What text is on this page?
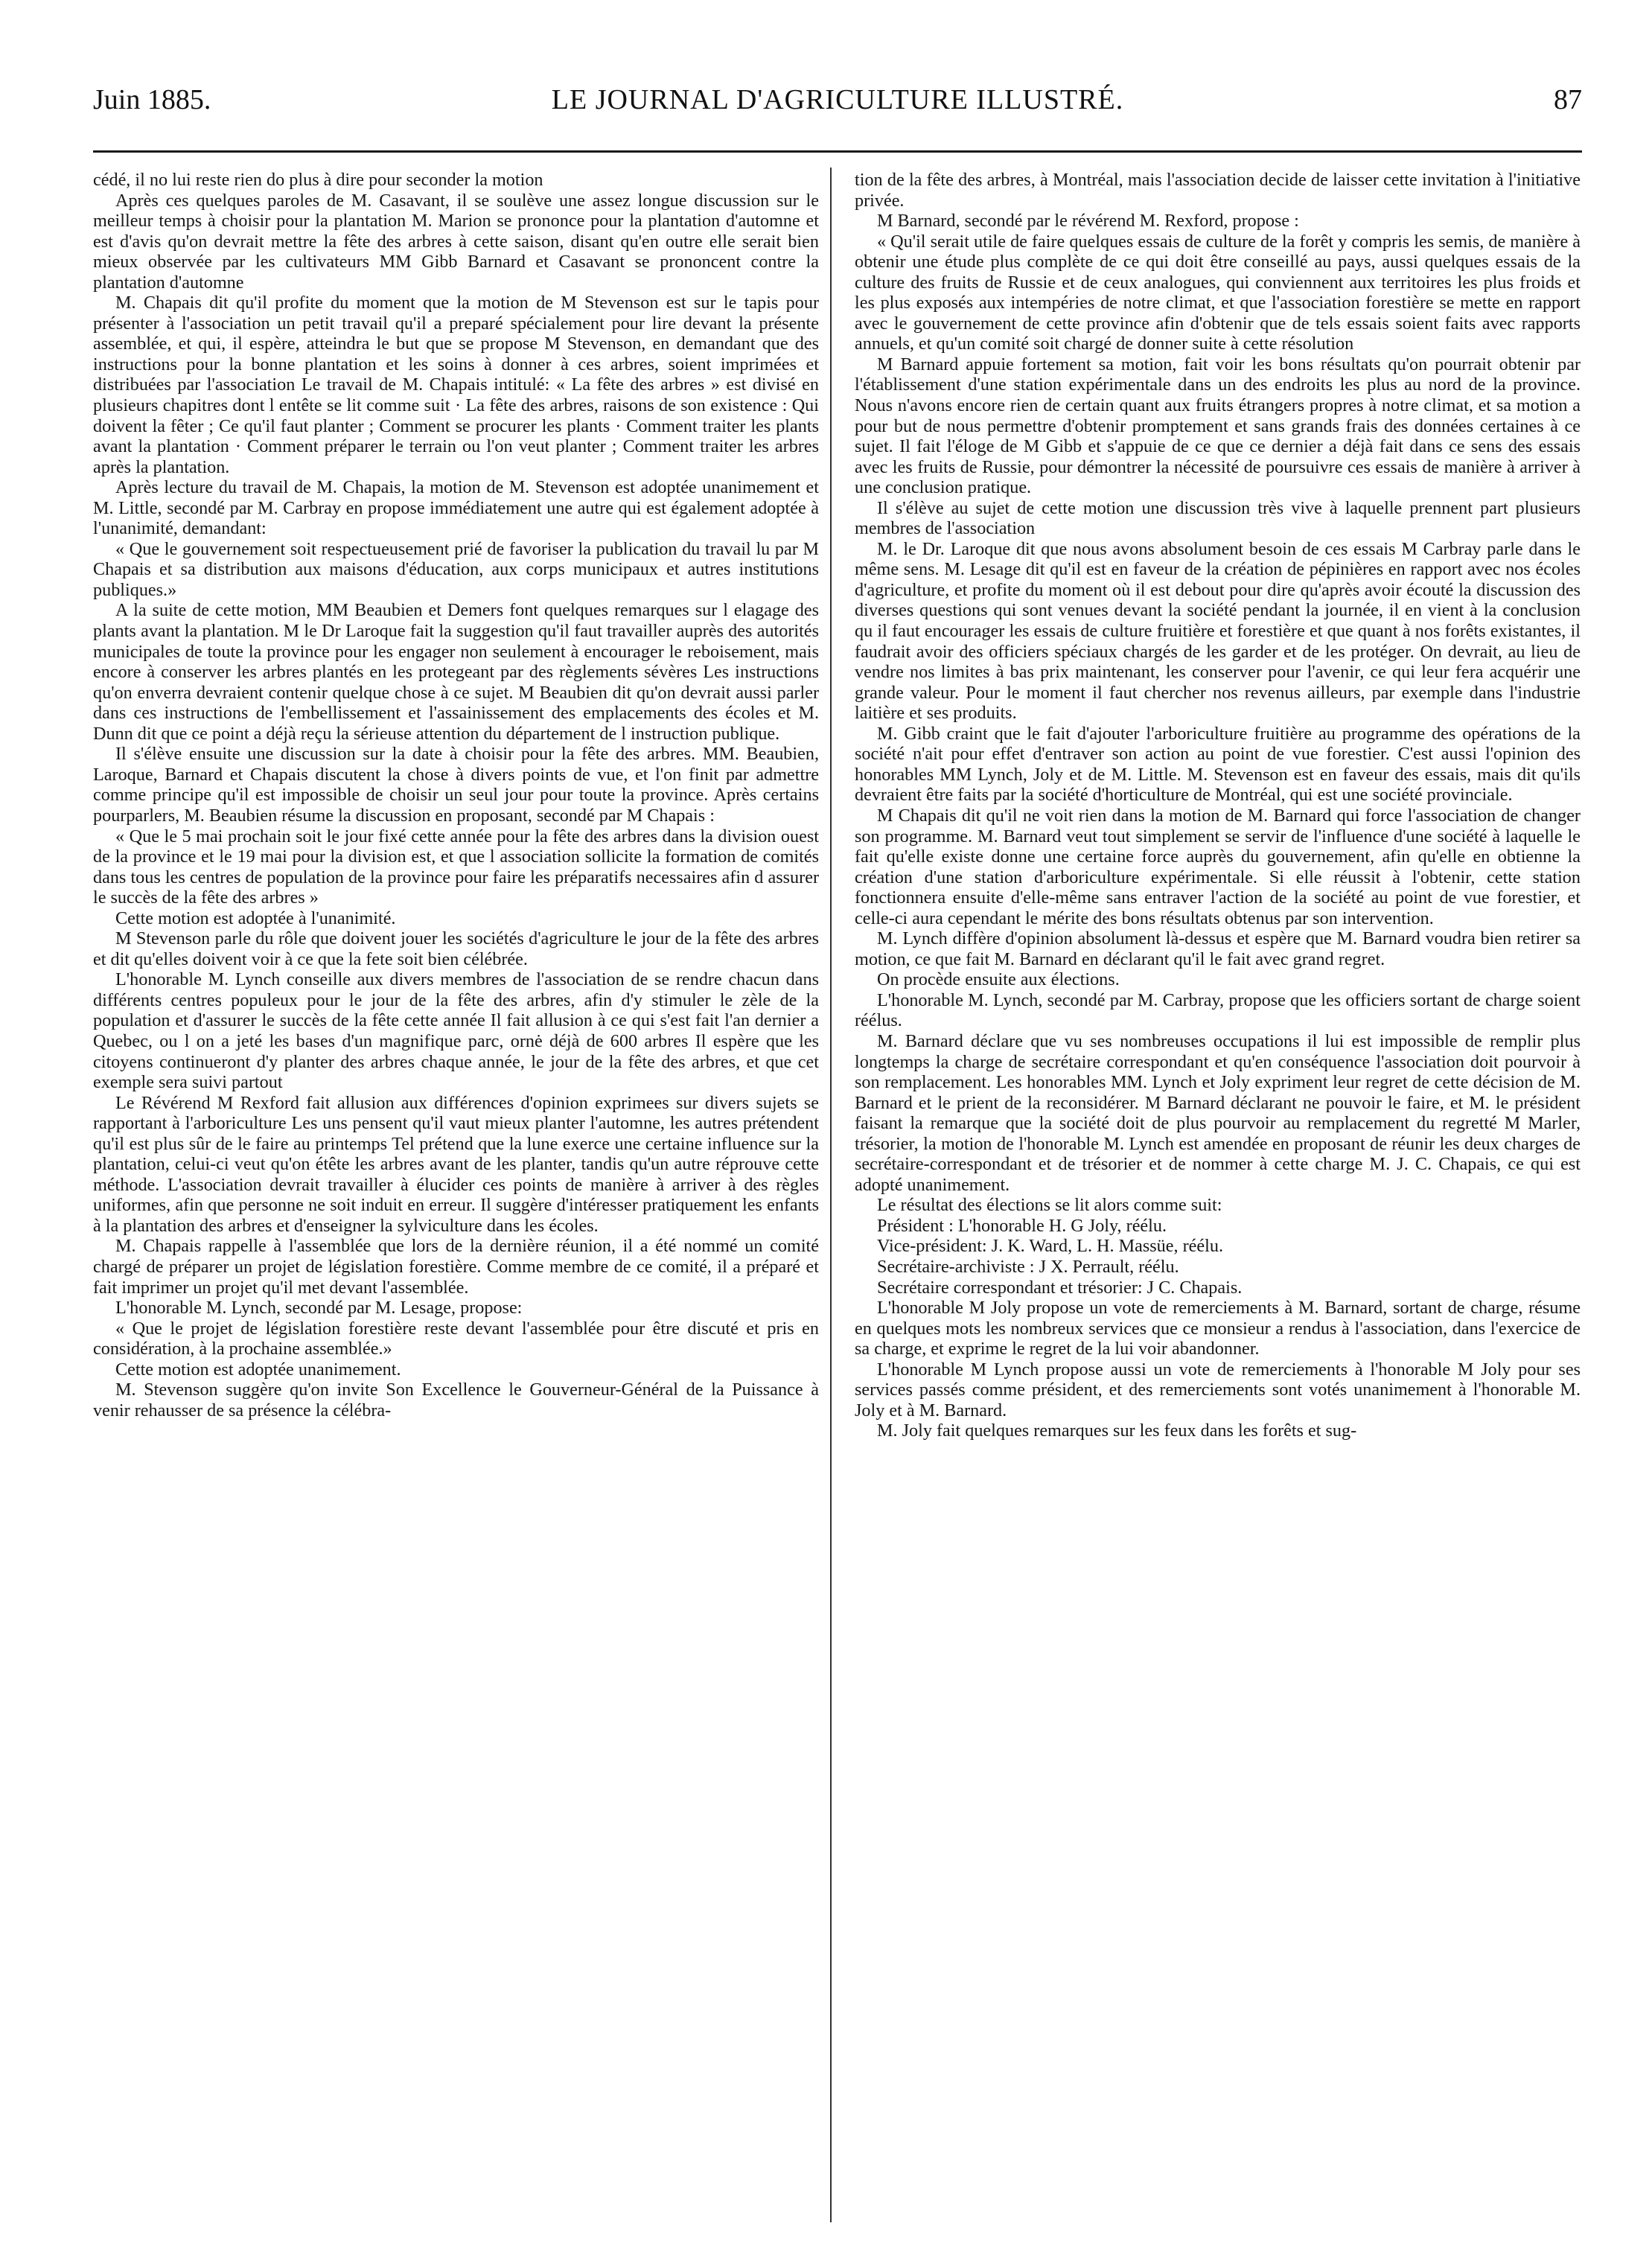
Juin 1885.	LE JOURNAL D'AGRICULTURE ILLUSTRÉ.	87

cédé, il no lui reste rien do plus à dire pour seconder la motion

Après ces quelques paroles de M. Casavant, il se soulève une assez longue discussion sur le meilleur temps à choisir pour la plantation M. Marion se prononce pour la plantation d'automne et est d'avis qu'on devrait mettre la fête des arbres à cette saison, disant qu'en outre elle serait bien mieux observée par les cultivateurs MM Gibb Barnard et Casavant se prononcent contre la plantation d'automne

M. Chapais dit qu'il profite du moment que la motion de M Stevenson est sur le tapis pour présenter à l'association un petit travail qu'il a preparé spécialement pour lire devant la présente assemblée, et qui, il espère, atteindra le but que se propose M Stevenson, en demandant que des instructions pour la bonne plantation et les soins à donner à ces arbres, soient imprimées et distribuées par l'association Le travail de M. Chapais intitulé: « La fête des arbres » est divisé en plusieurs chapitres dont l entête se lit comme suit · La fête des arbres, raisons de son existence : Qui doivent la fêter ; Ce qu'il faut planter ; Comment se procurer les plants · Comment traiter les plants avant la plantation · Comment préparer le terrain ou l'on veut planter ; Comment traiter les arbres après la plantation.

Après lecture du travail de M. Chapais, la motion de M. Stevenson est adoptée unanimement et M. Little, secondé par M. Carbray en propose immédiatement une autre qui est également adoptée à l'unanimité, demandant:

« Que le gouvernement soit respectueusement prié de favoriser la publication du travail lu par M Chapais et sa distribution aux maisons d'éducation, aux corps municipaux et autres institutions publiques.»

A la suite de cette motion, MM Beaubien et Demers font quelques remarques sur l elagage des plants avant la plantation. M le Dr Laroque fait la suggestion qu'il faut travailler auprès des autorités municipales de toute la province pour les engager non seulement à encourager le reboisement, mais encore à conserver les arbres plantés en les protegeant par des règlements sévères Les instructions qu'on enverra devraient contenir quelque chose à ce sujet. M Beaubien dit qu'on devrait aussi parler dans ces instructions de l'embellissement et l'assainissement des emplacements des écoles et M. Dunn dit que ce point a déjà reçu la sérieuse attention du département de l instruction publique.

Il s'élève ensuite une discussion sur la date à choisir pour la fête des arbres. MM. Beaubien, Laroque, Barnard et Chapais discutent la chose à divers points de vue, et l'on finit par admettre comme principe qu'il est impossible de choisir un seul jour pour toute la province. Après certains pourparlers, M. Beaubien résume la discussion en proposant, secondé par M Chapais :

« Que le 5 mai prochain soit le jour fixé cette année pour la fête des arbres dans la division ouest de la province et le 19 mai pour la division est, et que l association sollicite la formation de comités dans tous les centres de population de la province pour faire les préparatifs necessaires afin d assurer le succès de la fête des arbres »

Cette motion est adoptée à l'unanimité.

M Stevenson parle du rôle que doivent jouer les sociétés d'agriculture le jour de la fête des arbres et dit qu'elles doivent voir à ce que la fete soit bien célébrée.

L'honorable M. Lynch conseille aux divers membres de l'association de se rendre chacun dans différents centres populeux pour le jour de la fête des arbres, afin d'y stimuler le zèle de la population et d'assurer le succès de la fête cette année Il fait allusion à ce qui s'est fait l'an dernier a Quebec, ou l on a jeté les bases d'un magnifique parc, ornė déjà de 600 arbres Il espère que les citoyens continueront d'y planter des arbres chaque année, le jour de la fête des arbres, et que cet exemple sera suivi partout

Le Révérend M Rexford fait allusion aux différences d'opinion exprimees sur divers sujets se rapportant à l'arboriculture Les uns pensent qu'il vaut mieux planter l'automne, les autres prétendent qu'il est plus sûr de le faire au printemps Tel prétend que la lune exerce une certaine influence sur la plantation, celui-ci veut qu'on étête les arbres avant de les planter, tandis qu'un autre réprouve cette méthode. L'association devrait travailler à élucider ces points de manière à arriver à des règles uniformes, afin que personne ne soit induit en erreur. Il suggère d'intéresser pratiquement les enfants à la plantation des arbres et d'enseigner la sylviculture dans les écoles.

M. Chapais rappelle à l'assemblée que lors de la dernière réunion, il a été nommé un comité chargé de préparer un projet de législation forestière. Comme membre de ce comité, il a préparé et fait imprimer un projet qu'il met devant l'assemblée.

L'honorable M. Lynch, secondé par M. Lesage, propose:

« Que le projet de législation forestière reste devant l'assemblée pour être discuté et pris en considération, à la prochaine assemblée.»

Cette motion est adoptée unanimement.

M. Stevenson suggère qu'on invite Son Excellence le Gouverneur-Général de la Puissance à venir rehausser de sa présence la célébra-

tion de la fête des arbres, à Montréal, mais l'association decide de laisser cette invitation à l'initiative privée.

M Barnard, secondé par le révérend M. Rexford, propose :

« Qu'il serait utile de faire quelques essais de culture de la forêt y compris les semis, de manière à obtenir une étude plus complète de ce qui doit être conseillé au pays, aussi quelques essais de la culture des fruits de Russie et de ceux analogues, qui conviennent aux territoires les plus froids et les plus exposés aux intempéries de notre climat, et que l'association forestière se mette en rapport avec le gouvernement de cette province afin d'obtenir que de tels essais soient faits avec rapports annuels, et qu'un comité soit chargé de donner suite à cette résolution

M Barnard appuie fortement sa motion, fait voir les bons résultats qu'on pourrait obtenir par l'établissement d'une station expérimentale dans un des endroits les plus au nord de la province. Nous n'avons encore rien de certain quant aux fruits étrangers propres à notre climat, et sa motion a pour but de nous permettre d'obtenir promptement et sans grands frais des données certaines à ce sujet. Il fait l'éloge de M Gibb et s'appuie de ce que ce dernier a déjà fait dans ce sens des essais avec les fruits de Russie, pour démontrer la nécessité de poursuivre ces essais de manière à arriver à une conclusion pratique.

Il s'élève au sujet de cette motion une discussion très vive à laquelle prennent part plusieurs membres de l'association

M. le Dr. Laroque dit que nous avons absolument besoin de ces essais M Carbray parle dans le même sens. M. Lesage dit qu'il est en faveur de la création de pépinières en rapport avec nos écoles d'agriculture, et profite du moment où il est debout pour dire qu'après avoir écouté la discussion des diverses questions qui sont venues devant la société pendant la journée, il en vient à la conclusion qu il faut encourager les essais de culture fruitière et forestière et que quant à nos forêts existantes, il faudrait avoir des officiers spéciaux chargés de les garder et de les protéger. On devrait, au lieu de vendre nos limites à bas prix maintenant, les conserver pour l'avenir, ce qui leur fera acquérir une grande valeur. Pour le moment il faut chercher nos revenus ailleurs, par exemple dans l'industrie laitière et ses produits.

M. Gibb craint que le fait d'ajouter l'arboriculture fruitière au programme des opérations de la société n'ait pour effet d'entraver son action au point de vue forestier. C'est aussi l'opinion des honorables MM Lynch, Joly et de M. Little. M. Stevenson est en faveur des essais, mais dit qu'ils devraient être faits par la société d'horticulture de Montréal, qui est une société provinciale.

M Chapais dit qu'il ne voit rien dans la motion de M. Barnard qui force l'association de changer son programme. M. Barnard veut tout simplement se servir de l'influence d'une société à laquelle le fait qu'elle existe donne une certaine force auprès du gouvernement, afin qu'elle en obtienne la création d'une station d'arboriculture expérimentale. Si elle réussit à l'obtenir, cette station fonctionnera ensuite d'elle-même sans entraver l'action de la société au point de vue forestier, et celle-ci aura cependant le mérite des bons résultats obtenus par son intervention.

M. Lynch diffère d'opinion absolument là-dessus et espère que M. Barnard voudra bien retirer sa motion, ce que fait M. Barnard en déclarant qu'il le fait avec grand regret.

On procède ensuite aux élections.

L'honorable M. Lynch, secondé par M. Carbray, propose que les officiers sortant de charge soient réélus.

M. Barnard déclare que vu ses nombreuses occupations il lui est impossible de remplir plus longtemps la charge de secrétaire correspondant et qu'en conséquence l'association doit pourvoir à son remplacement. Les honorables MM. Lynch et Joly expriment leur regret de cette décision de M. Barnard et le prient de la reconsidérer. M Barnard déclarant ne pouvoir le faire, et M. le président faisant la remarque que la société doit de plus pourvoir au remplacement du regretté M Marler, trésorier, la motion de l'honorable M. Lynch est amendée en proposant de réunir les deux charges de secrétaire-correspondant et de trésorier et de nommer à cette charge M. J. C. Chapais, ce qui est adopté unanimement.

Le résultat des élections se lit alors comme suit:

Président : L'honorable H. G Joly, réélu.

Vice-président: J. K. Ward, L. H. Massüe, réélu.

Secrétaire-archiviste : J X. Perrault, réélu.

Secrétaire correspondant et trésorier: J C. Chapais.

L'honorable M Joly propose un vote de remerciements à M. Barnard, sortant de charge, résume en quelques mots les nombreux services que ce monsieur a rendus à l'association, dans l'exercice de sa charge, et exprime le regret de la lui voir abandonner.

L'honorable M Lynch propose aussi un vote de remerciements à l'honorable M Joly pour ses services passés comme président, et des remerciements sont votés unanimement à l'honorable M. Joly et à M. Barnard.

M. Joly fait quelques remarques sur les feux dans les forêts et sug-
